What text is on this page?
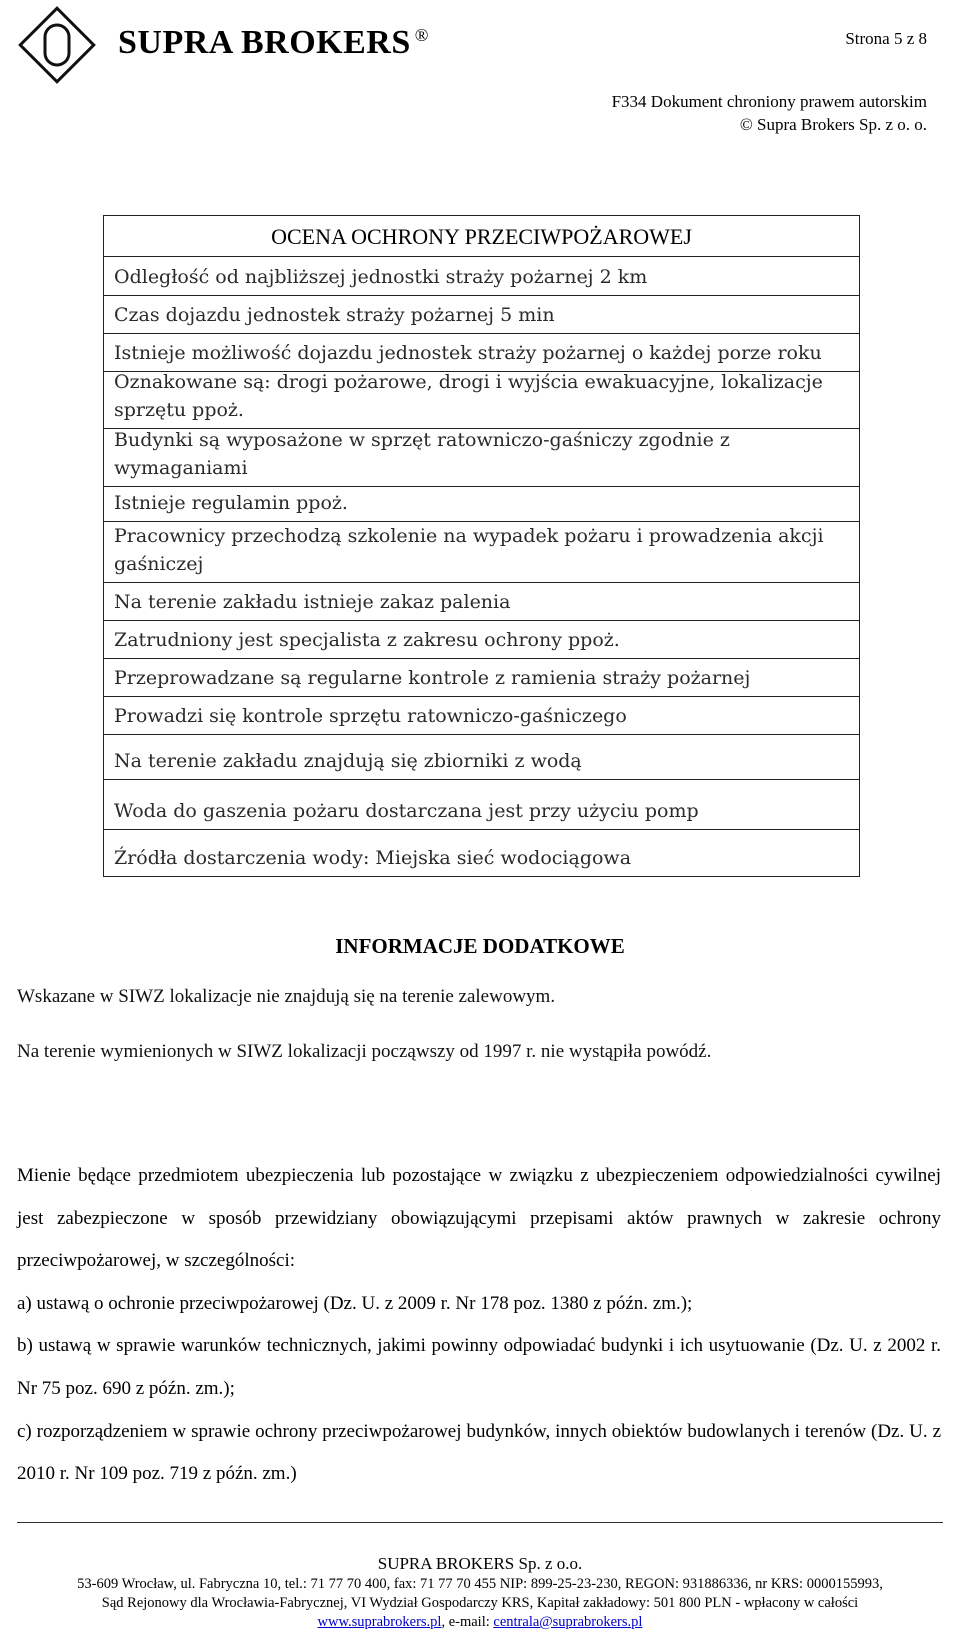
SUPRA BROKERS ®	Strona 5 z 8
F334 Dokument chroniony prawem autorskim
© Supra Brokers Sp. z o. o.
OCENA OCHRONY PRZECIWPOŻAROWEJ
Odległość od najbliższej jednostki straży pożarnej 2 km
Czas dojazdu jednostek straży pożarnej 5 min
Istnieje możliwość dojazdu jednostek straży pożarnej o każdej porze roku
Oznakowane są: drogi pożarowe, drogi i wyjścia ewakuacyjne, lokalizacje sprzętu ppoż.
Budynki są wyposażone w sprzęt ratowniczo-gaśniczy zgodnie z wymaganiami
Istnieje regulamin ppoż.
Pracownicy przechodzą szkolenie na wypadek pożaru i prowadzenia akcji gaśniczej
Na terenie zakładu istnieje zakaz palenia
Zatrudniony jest specjalista z zakresu ochrony ppoż.
Przeprowadzane są regularne kontrole z ramienia straży pożarnej
Prowadzi się kontrole sprzętu ratowniczo-gaśniczego
Na terenie zakładu znajdują się zbiorniki z wodą
Woda do gaszenia pożaru dostarczana jest przy użyciu pomp
Źródła dostarczenia wody: Miejska sieć wodociągowa
INFORMACJE DODATKOWE
Wskazane w SIWZ lokalizacje nie znajdują się na terenie zalewowym.
Na terenie wymienionych w SIWZ lokalizacji począwszy od 1997 r. nie wystąpiła powódź.

Mienie będące przedmiotem ubezpieczenia lub pozostające w związku z ubezpieczeniem odpowiedzialności cywilnej jest zabezpieczone w sposób przewidziany obowiązującymi przepisami aktów prawnych w zakresie ochrony przeciwpożarowej, w szczególności:

a) ustawą o ochronie przeciwpożarowej (Dz. U. z 2009 r. Nr 178 poz. 1380 z późn. zm.);

b) ustawą w sprawie warunków technicznych, jakimi powinny odpowiadać budynki i ich usytuowanie (Dz. U. z 2002 r. Nr 75 poz. 690 z późn. zm.);

c) rozporządzeniem w sprawie ochrony przeciwpożarowej budynków, innych obiektów budowlanych i terenów (Dz. U. z 2010 r. Nr 109 poz. 719 z późn. zm.)

SUPRA BROKERS Sp. z o.o.
53-609 Wrocław, ul. Fabryczna 10, tel.: 71 77 70 400, fax: 71 77 70 455 NIP: 899-25-23-230, REGON: 931886336, nr KRS: 0000155993,
Sąd Rejonowy dla Wrocławia-Fabrycznej, VI Wydział Gospodarczy KRS, Kapitał zakładowy: 501 800 PLN - wpłacony w całości
www.suprabrokers.pl, e-mail: centrala@suprabrokers.pl
